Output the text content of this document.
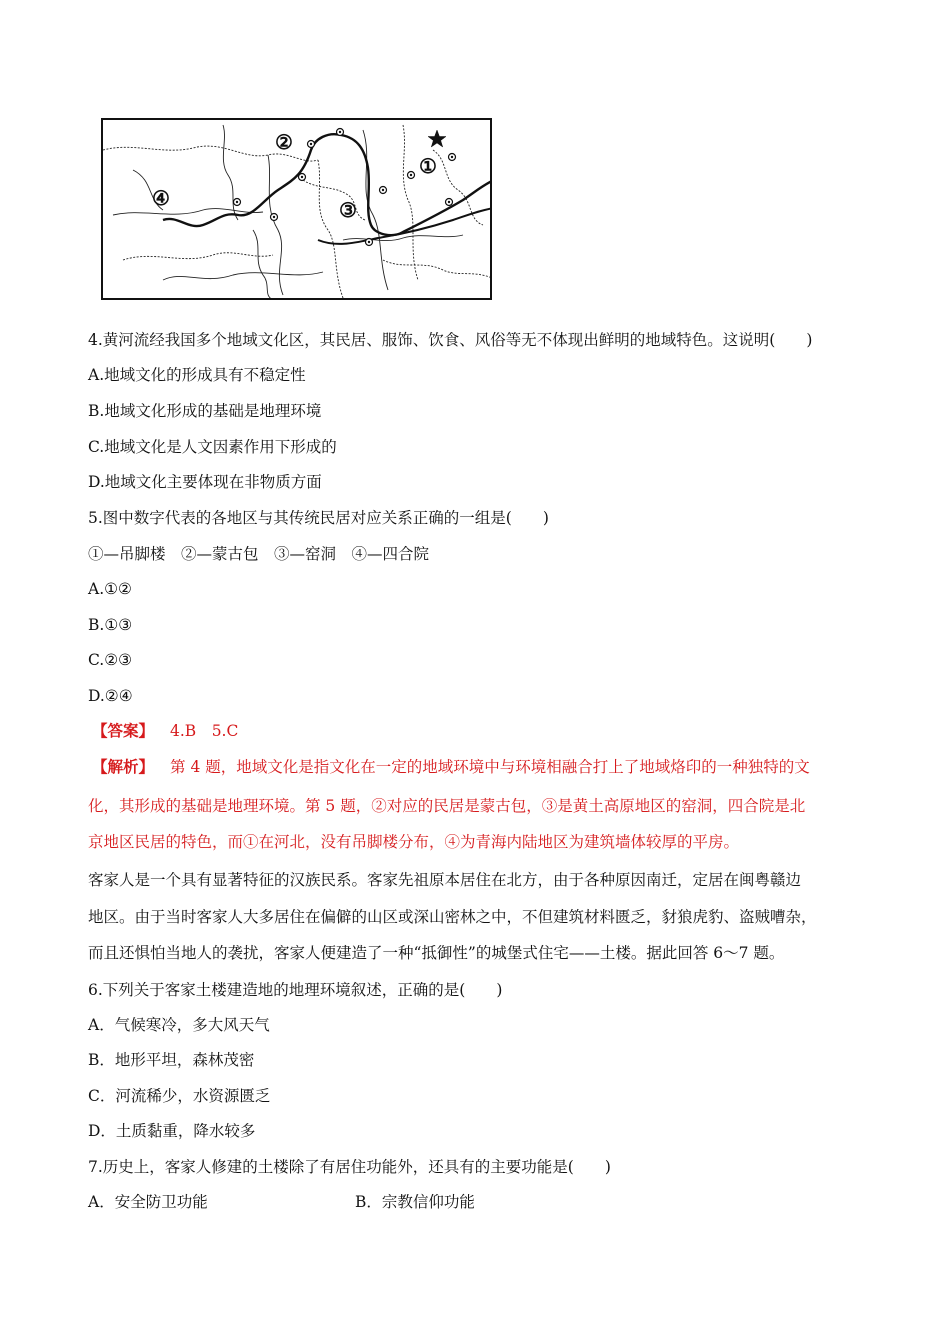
②
①
④	③
4.黄河流经我国多个地域文化区，其民居、服饰、饮食、风俗等无不体现出鲜明的地域特色。这说明(　　)
A.地域文化的形成具有不稳定性
B.地域文化形成的基础是地理环境
C.地域文化是人文因素作用下形成的
D.地域文化主要体现在非物质方面
5.图中数字代表的各地区与其传统民居对应关系正确的一组是(　　)
①—吊脚楼　②—蒙古包　③—窑洞　④—四合院
A.①②
B.①③
C.②③
D.②④
【答案】 4.B　5.C
【解析】 第 4 题，地域文化是指文化在一定的地域环境中与环境相融合打上了地域烙印的一种独特的文
化，其形成的基础是地理环境。第 5 题，②对应的民居是蒙古包，③是黄土高原地区的窑洞，四合院是北
京地区民居的特色，而①在河北，没有吊脚楼分布，④为青海内陆地区为建筑墙体较厚的平房。
客家人是一个具有显著特征的汉族民系。客家先祖原本居住在北方，由于各种原因南迁，定居在闽粤赣边
地区。由于当时客家人大多居住在偏僻的山区或深山密林之中，不但建筑材料匮乏，豺狼虎豹、盗贼嘈杂，
而且还惧怕当地人的袭扰，客家人便建造了一种“抵御性”的城堡式住宅——土楼。据此回答 6～7 题。
6.下列关于客家土楼建造地的地理环境叙述，正确的是(　　)
A．气候寒冷，多大风天气
B．地形平坦，森林茂密
C．河流稀少，水资源匮乏
D．土质黏重，降水较多
7.历史上，客家人修建的土楼除了有居住功能外，还具有的主要功能是(　　)
A．安全防卫功能	B．宗教信仰功能
